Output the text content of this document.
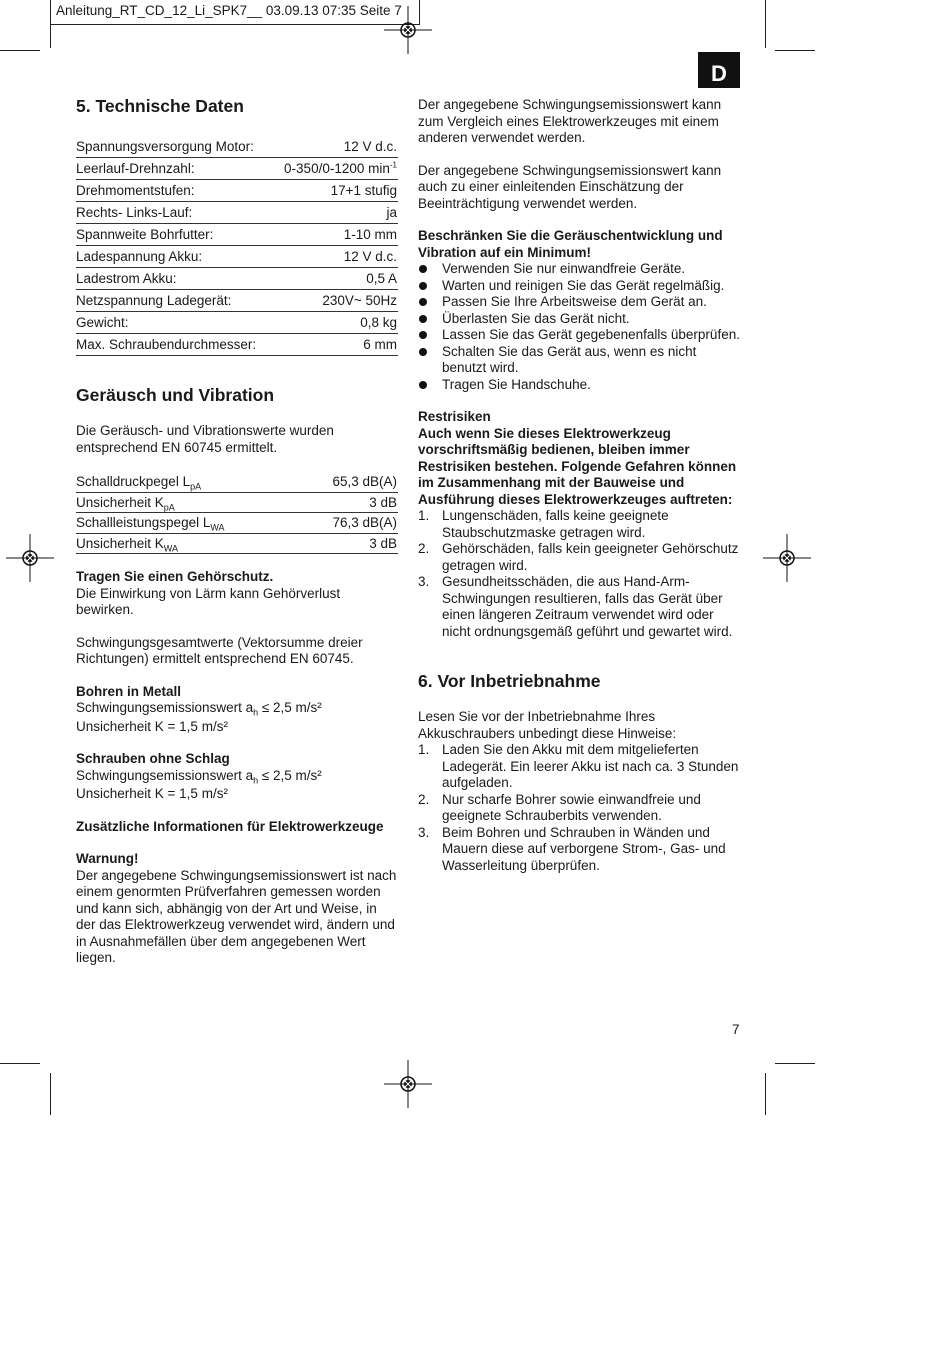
Anleitung_RT_CD_12_Li_SPK7__ 03.09.13 07:35 Seite 7
D
5. Technische Daten
Spannungsversorgung Motor:	12 V d.c.
Leerlauf-Drehnzahl:	0-350/0-1200 $\min^{-1}$
Drehmomentstufen:	17+1 stufig
Rechts- Links-Lauf:	ja
Spannweite Bohrfutter:	1-10 mm
Ladespannung Akku:	12 V d.c.
Ladestrom Akku:	0,5 A
Netzspannung Ladegerät:	230V~ 50Hz
Gewicht:	0,8 kg
Max. Schraubendurchmesser:	6 mm
Geräusch und Vibration

Die Geräusch- und Vibrationswerte wurden entsprechend EN 60745 ermittelt.

Schalldruckpegel $L_{pA}$	65,3 dB(A)
Unsicherheit $K_{pA}$	3 dB
Schallleistungspegel $L_{WA}$	76,3 dB(A)
Unsicherheit $K_{WA}$	3 dB

Tragen Sie einen Gehörschutz.

Die Einwirkung von Lärm kann Gehörverlust bewirken.

Schwingungsgesamtwerte (Vektorsumme dreier Richtungen) ermittelt entsprechend EN 60745.

Bohren in Metall

Schwingungsemissionswert $a_h \le 2,5$ m/s²

Unsicherheit K = 1,5 m/s²

Schrauben ohne Schlag

Schwingungsemissionswert $a_h \le 2,5$ m/s²

Unsicherheit K = 1,5 m/s²

Zusätzliche Informationen für Elektrowerkzeuge

Warnung!

Der angegebene Schwingungsemissionswert ist nach einem genormten Prüfverfahren gemessen worden und kann sich, abhängig von der Art und Weise, in der das Elektrowerkzeug verwendet wird, ändern und in Ausnahmefällen über dem angegebenen Wert liegen.

Der angegebene Schwingungsemissionswert kann zum Vergleich eines Elektrowerkzeuges mit einem anderen verwendet werden.

Der angegebene Schwingungsemissionswert kann auch zu einer einleitenden Einschätzung der Beeinträchtigung verwendet werden.

Beschränken Sie die Geräuschentwicklung und Vibration auf ein Minimum!

Verwenden Sie nur einwandfreie Geräte.
Warten und reinigen Sie das Gerät regelmäßig.
Passen Sie Ihre Arbeitsweise dem Gerät an.
Überlasten Sie das Gerät nicht.
Lassen Sie das Gerät gegebenenfalls überprüfen.
Schalten Sie das Gerät aus, wenn es nicht benutzt wird.
Tragen Sie Handschuhe.

Restrisiken

Auch wenn Sie dieses Elektrowerkzeug vorschriftsmäßig bedienen, bleiben immer Restrisiken bestehen. Folgende Gefahren können im Zusammenhang mit der Bauweise und Ausführung dieses Elektrowerkzeuges auftreten:

1. Lungenschäden, falls keine geeignete Staubschutzmaske getragen wird.
2. Gehörschäden, falls kein geeigneter Gehörschutz getragen wird.
3. Gesundheitsschäden, die aus Hand-Arm-Schwingungen resultieren, falls das Gerät über einen längeren Zeitraum verwendet wird oder nicht ordnungsgemäß geführt und gewartet wird.
6. Vor Inbetriebnahme

Lesen Sie vor der Inbetriebnahme Ihres Akkuschraubers unbedingt diese Hinweise:

1. Laden Sie den Akku mit dem mitgelieferten Ladegerät. Ein leerer Akku ist nach ca. 3 Stunden aufgeladen.
2. Nur scharfe Bohrer sowie einwandfreie und geeignete Schrauberbits verwenden.
3. Beim Bohren und Schrauben in Wänden und Mauern diese auf verborgene Strom-, Gas- und Wasserleitung überprüfen.
7
